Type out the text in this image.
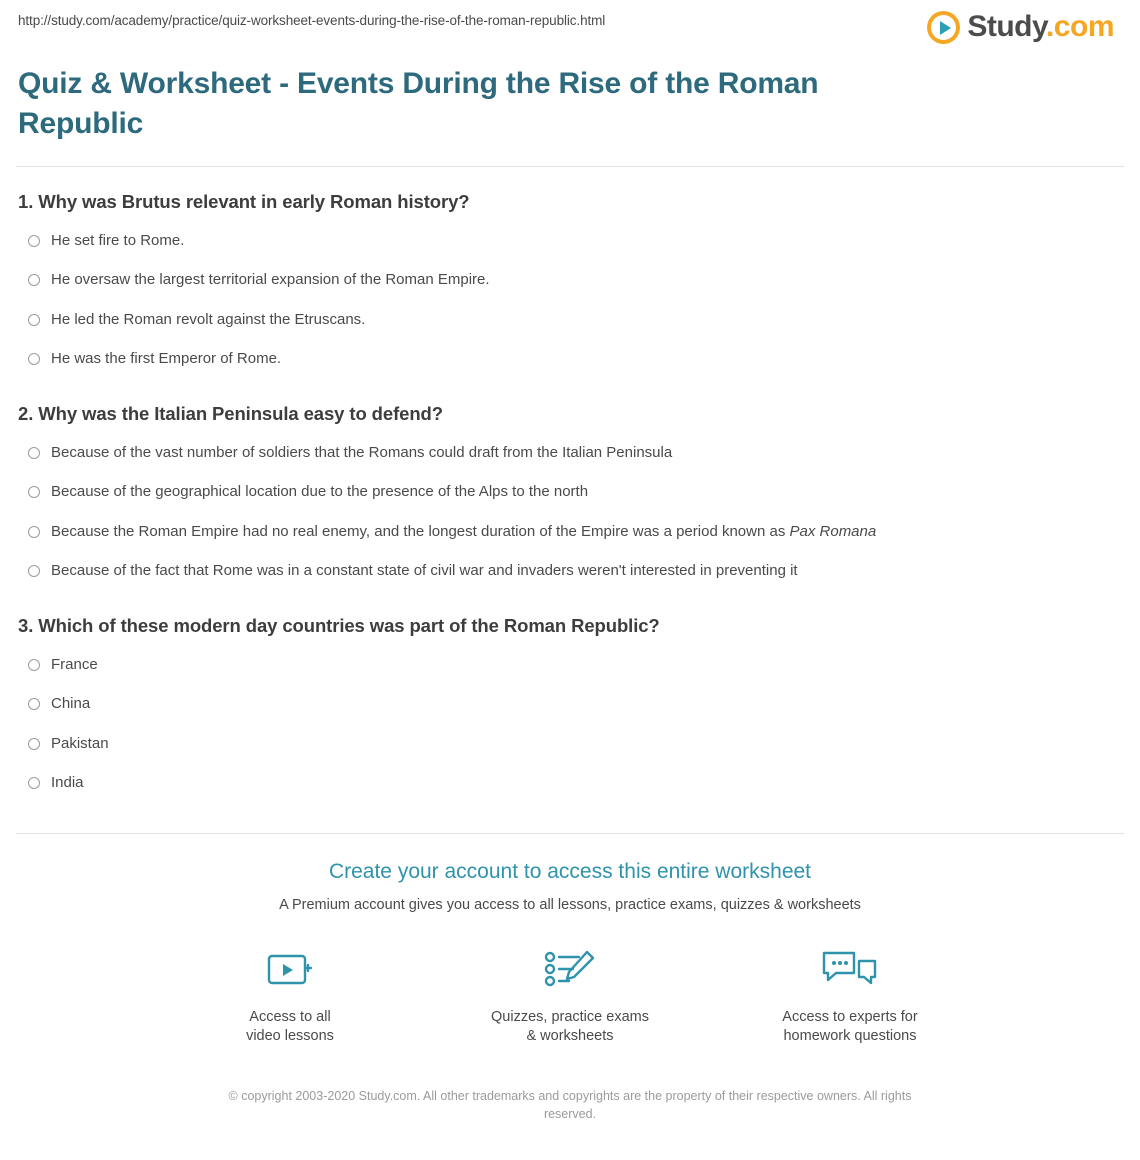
http://study.com/academy/practice/quiz-worksheet-events-during-the-rise-of-the-roman-republic.html	Study.com
Quiz & Worksheet - Events During the Rise of the Roman Republic

1. Why was Brutus relevant in early Roman history?

He set fire to Rome.
He oversaw the largest territorial expansion of the Roman Empire.
He led the Roman revolt against the Etruscans.
He was the first Emperor of Rome.

2. Why was the Italian Peninsula easy to defend?

Because of the vast number of soldiers that the Romans could draft from the Italian Peninsula
Because of the geographical location due to the presence of the Alps to the north
Because the Roman Empire had no real enemy, and the longest duration of the Empire was a period known as Pax Romana
Because of the fact that Rome was in a constant state of civil war and invaders weren't interested in preventing it

3. Which of these modern day countries was part of the Roman Republic?

France
China
Pakistan
India

Create your account to access this entire worksheet

A Premium account gives you access to all lessons, practice exams, quizzes & worksheets

Access to all
video lessons
Quizzes, practice exams
& worksheets
Access to experts for
homework questions
© copyright 2003-2020 Study.com. All other trademarks and copyrights are the property of their respective owners. All rights reserved.
